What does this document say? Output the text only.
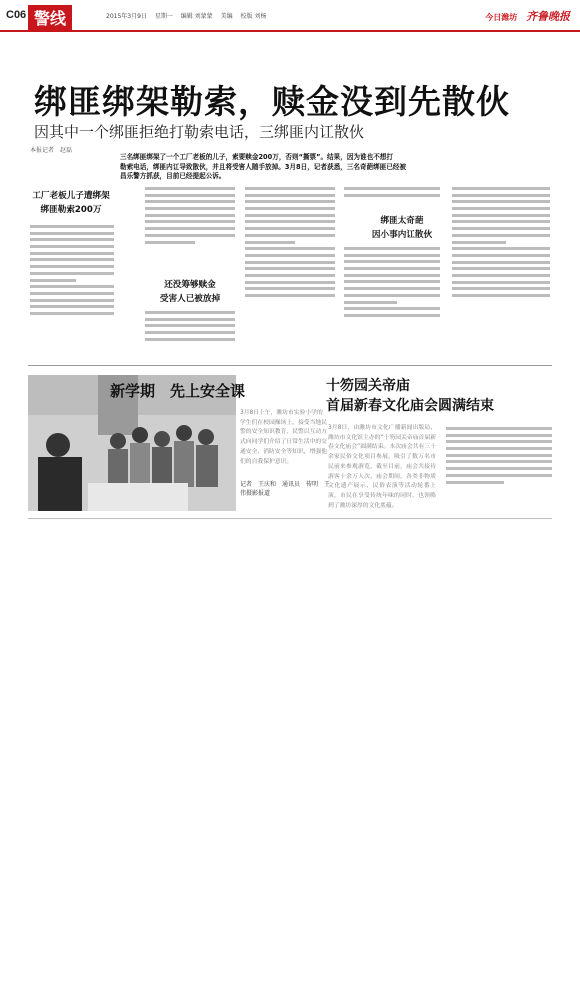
C06 警线	2015年3月9日 星期一 编辑 刘蒙蒙 美编 校版 刘杨	今日潍坊 齐鲁晚报
绑匪绑架勒索，赎金没到先散伙
因其中一个绑匪拒绝打勒索电话，三绑匪内讧散伙
本报记者　赵磊
三名绑匪绑架了一个工厂老板的儿子，索要赎金200万，否则“撕票”。结果，因为谁也不想打
勒索电话，绑匪内讧导致散伙，并且将受害人随手放掉。3月8日，记者获悉，三名奇葩绑匪已经被
昌乐警方抓获，目前已经提起公诉。
工厂老板儿子遭绑架
绑匪勒索200万
还没筹够赎金
受害人已被放掉
绑匪太奇葩
因小事内讧散伙
新学期　先上安全课
3月8日上午，潍坊市实验小学的学生们在校园操场上，接受当地民警的安全知识教育，民警以互动方式向同学们介绍了日常生活中的交通安全、消防安全等知识，增强他们的自我保护意识。
记者　王庆和　通讯员　传明　王伟摄影报道
十笏园关帝庙
首届新春文化庙会圆满结束
3月8日，由潍坊市文化广播新闻出版局、潍坊市文化馆主办的“十笏园关帝庙首届新春文化庙会”圆满结束。本次庙会共有三十余家民俗文化项目参展，吸引了数万名市民前来参观游览，截至目前，庙会共接待游客十余万人次。庙会期间，各类非物质文化遗产展示、民俗表演等活动轮番上演，市民在享受传统年味的同时，也领略到了潍坊深厚的文化底蕴。
